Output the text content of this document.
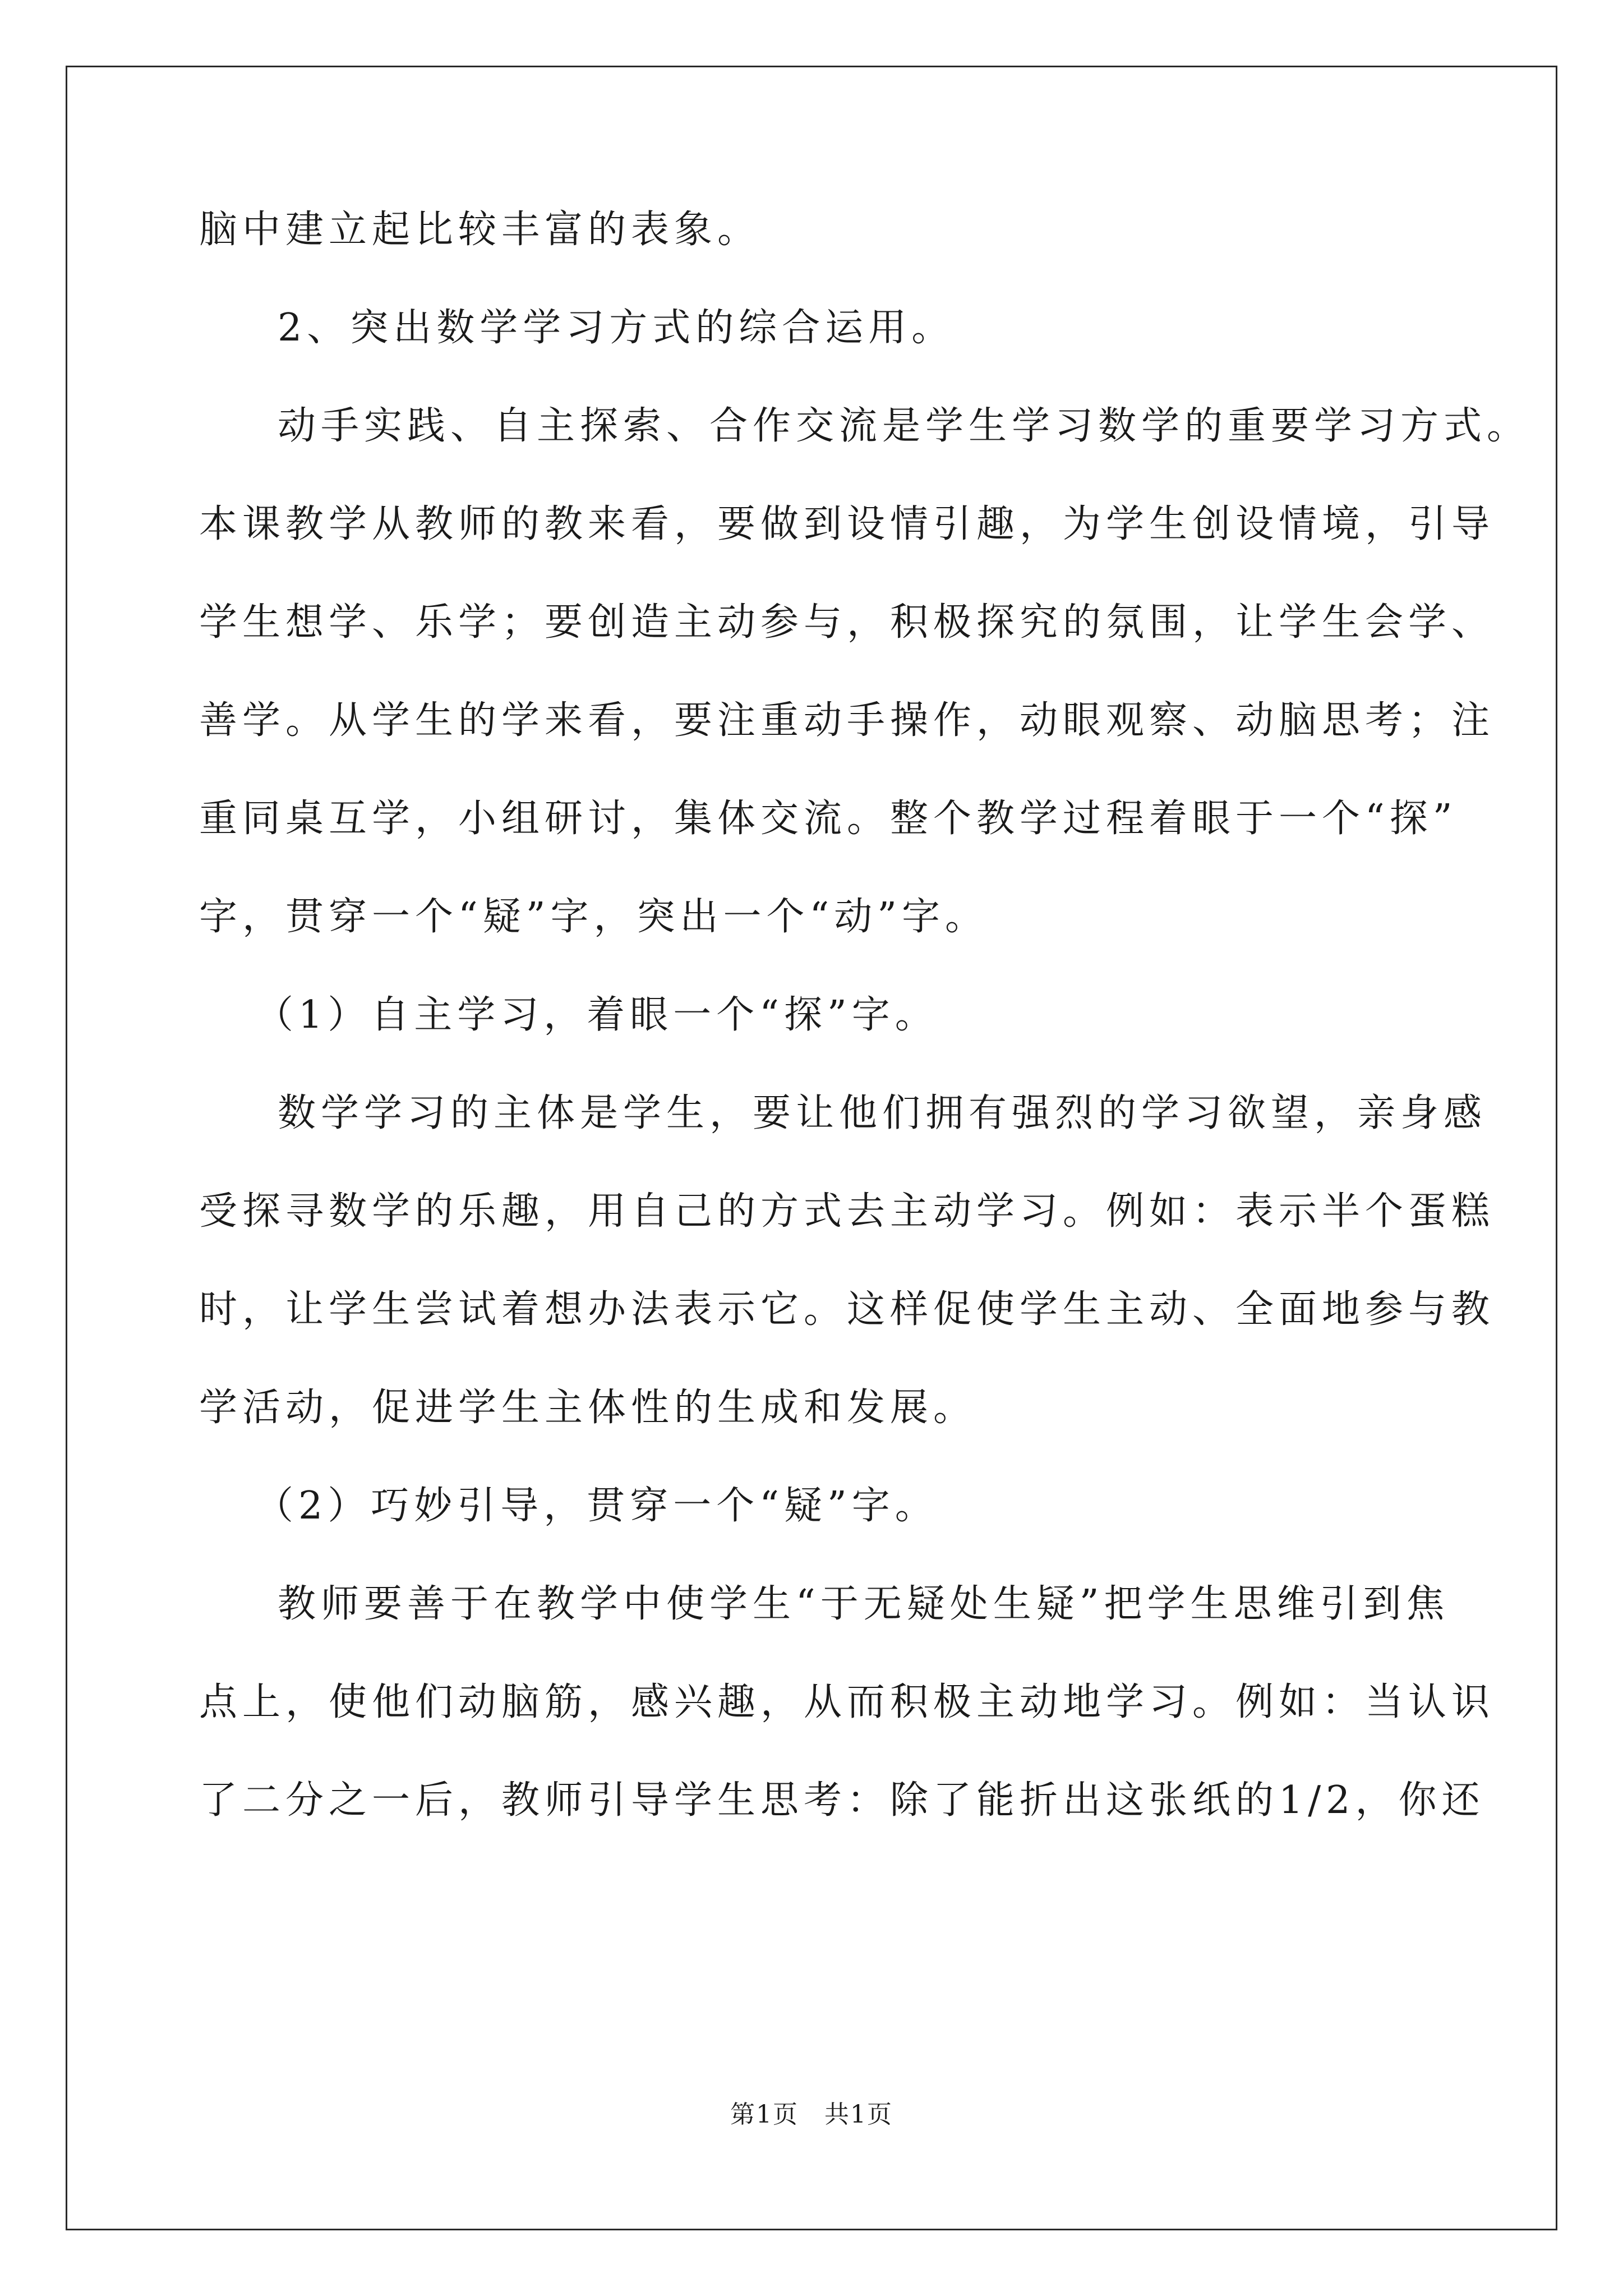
脑中建立起比较丰富的表象。
2、突出数学学习方式的综合运用。
动手实践、自主探索、合作交流是学生学习数学的重要学习方式。
本课教学从教师的教来看，要做到设情引趣，为学生创设情境，引导
学生想学、乐学；要创造主动参与，积极探究的氛围，让学生会学、
善学。从学生的学来看，要注重动手操作，动眼观察、动脑思考；注
重同桌互学，小组研讨，集体交流。整个教学过程着眼于一个“探”
字，贯穿一个“疑”字，突出一个“动”字。
（1）自主学习，着眼一个“探”字。
数学学习的主体是学生，要让他们拥有强烈的学习欲望，亲身感
受探寻数学的乐趣，用自己的方式去主动学习。例如：表示半个蛋糕
时，让学生尝试着想办法表示它。这样促使学生主动、全面地参与教
学活动，促进学生主体性的生成和发展。
（2）巧妙引导，贯穿一个“疑”字。
教师要善于在教学中使学生“于无疑处生疑”把学生思维引到焦
点上，使他们动脑筋，感兴趣，从而积极主动地学习。例如：当认识
了二分之一后，教师引导学生思考：除了能折出这张纸的1/2，你还
第1页　共1页
